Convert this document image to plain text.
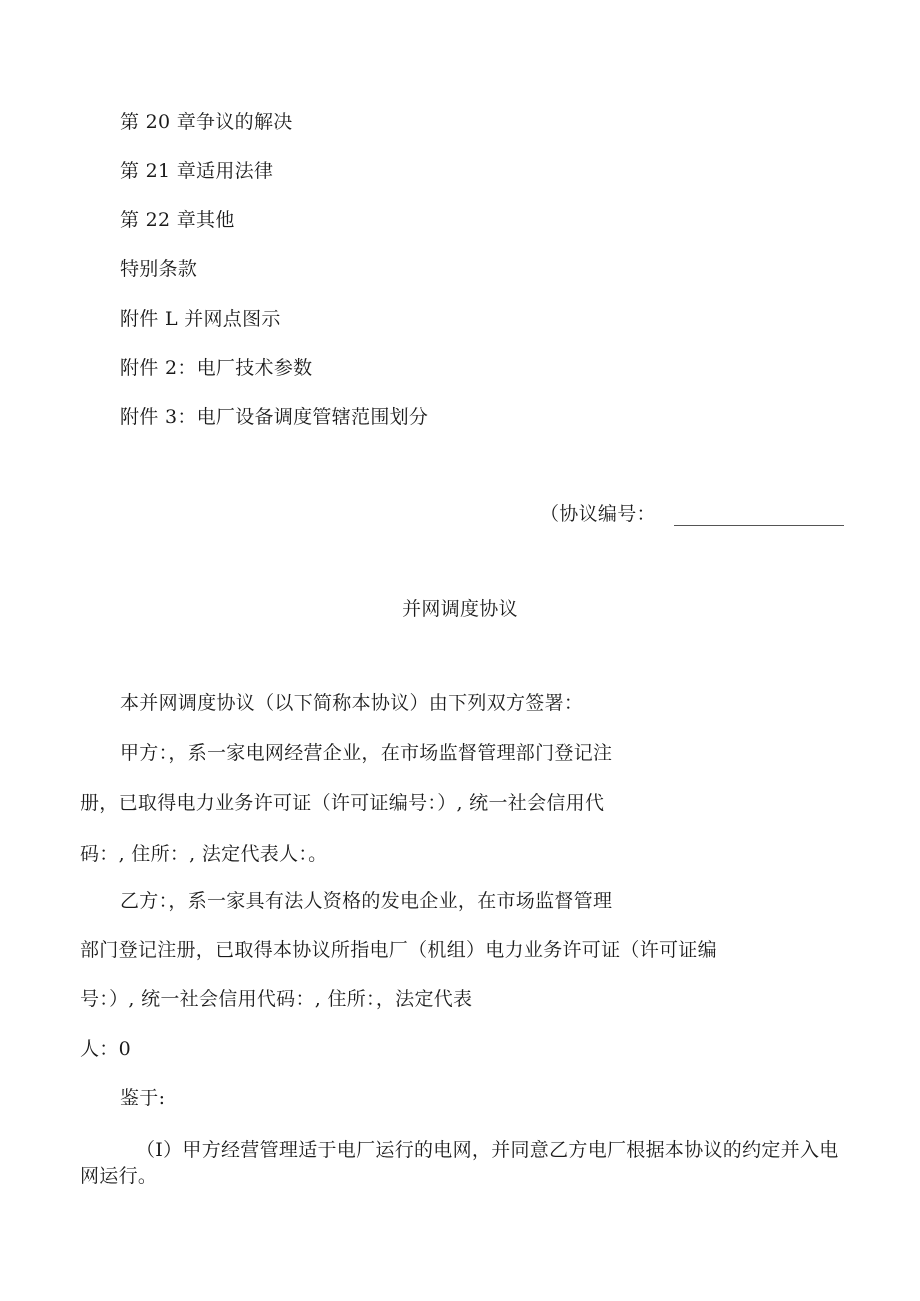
第 20 章争议的解决
第 21 章适用法律
第 22 章其他
特别条款
附件 L 并网点图示
附件 2：电厂技术参数
附件 3：电厂设备调度管辖范围划分
（协议编号：
并网调度协议
本并网调度协议（以下简称本协议）由下列双方签署：
甲方：，系一家电网经营企业，在市场监督管理部门登记注
册，已取得电力业务许可证（许可证编号：）, 统一社会信用代
码：, 住所：, 法定代表人：。
乙方：，系一家具有法人资格的发电企业，在市场监督管理
部门登记注册，已取得本协议所指电厂（机组）电力业务许可证（许可证编
号：）, 统一社会信用代码：, 住所：，法定代表
人：0
鉴于:
（I）甲方经营管理适于电厂运行的电网，并同意乙方电厂根据本协议的约定并入电网运行。
